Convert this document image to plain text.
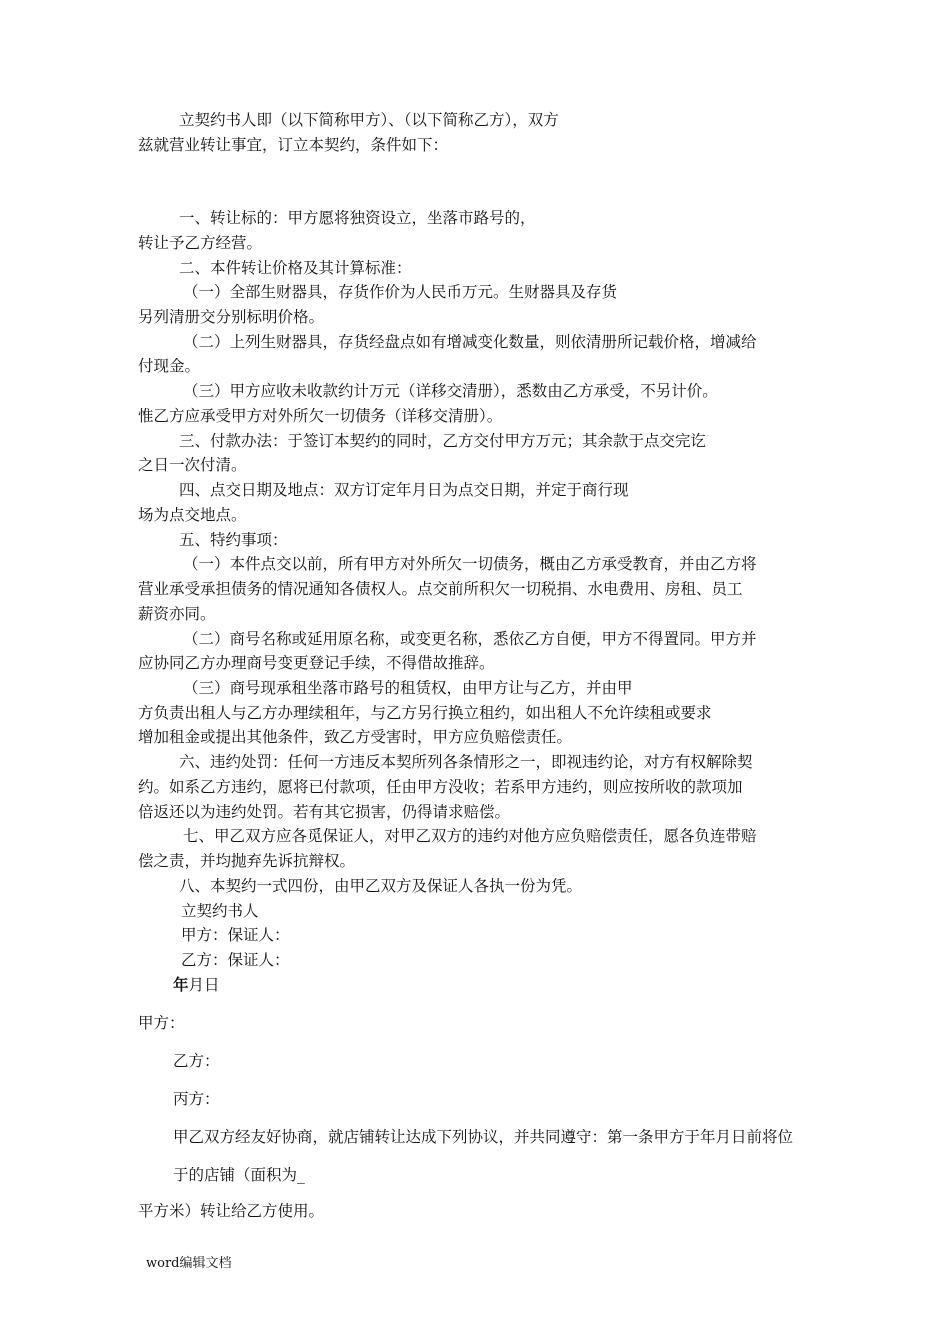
立契约书人即（以下简称甲方）、（以下简称乙方），双方
兹就营业转让事宜，订立本契约，条件如下：
一、转让标的：甲方愿将独资设立，坐落市路号的，
转让予乙方经营。
二、本件转让价格及其计算标准：
（一）全部生财器具，存货作价为人民币万元。生财器具及存货
另列清册交分别标明价格。
（二）上列生财器具，存货经盘点如有增减变化数量，则依清册所记载价格，增减给
付现金。
（三）甲方应收未收款约计万元（详移交清册），悉数由乙方承受，不另计价。
惟乙方应承受甲方对外所欠一切债务（详移交清册）。
三、付款办法：于签订本契约的同时，乙方交付甲方万元；其余款于点交完讫
之日一次付清。
四、点交日期及地点：双方订定年月日为点交日期，并定于商行现
场为点交地点。
五、特约事项：
（一）本件点交以前，所有甲方对外所欠一切债务，概由乙方承受教育，并由乙方将
营业承受承担债务的情况通知各债权人。点交前所积欠一切税捐、水电费用、房租、员工
薪资亦同。
（二）商号名称或延用原名称，或变更名称，悉依乙方自便，甲方不得置同。甲方并
应协同乙方办理商号变更登记手续，不得借故推辞。
（三）商号现承租坐落市路号的租赁权，由甲方让与乙方，并由甲
方负责出租人与乙方办理续租年，与乙方另行换立租约，如出租人不允许续租或要求
增加租金或提出其他条件，致乙方受害时，甲方应负赔偿责任。
六、违约处罚：任何一方违反本契所列各条情形之一，即视违约论，对方有权解除契
约。如系乙方违约，愿将已付款项，任由甲方没收；若系甲方违约，则应按所收的款项加
倍返还以为违约处罚。若有其它损害，仍得请求赔偿。
七、甲乙双方应各觅保证人，对甲乙双方的违约对他方应负赔偿责任，愿各负连带赔
偿之责，并均抛弃先诉抗辩权。
八、本契约一式四份，由甲乙双方及保证人各执一份为凭。
立契约书人
甲方：保证人：
乙方：保证人：
年月日
甲方：
乙方：
丙方：
甲乙双方经友好协商，就店铺转让达成下列协议，并共同遵守：第一条甲方于年月日前将位
于的店铺（面积为_
平方米）转让给乙方使用。
word编辑文档
